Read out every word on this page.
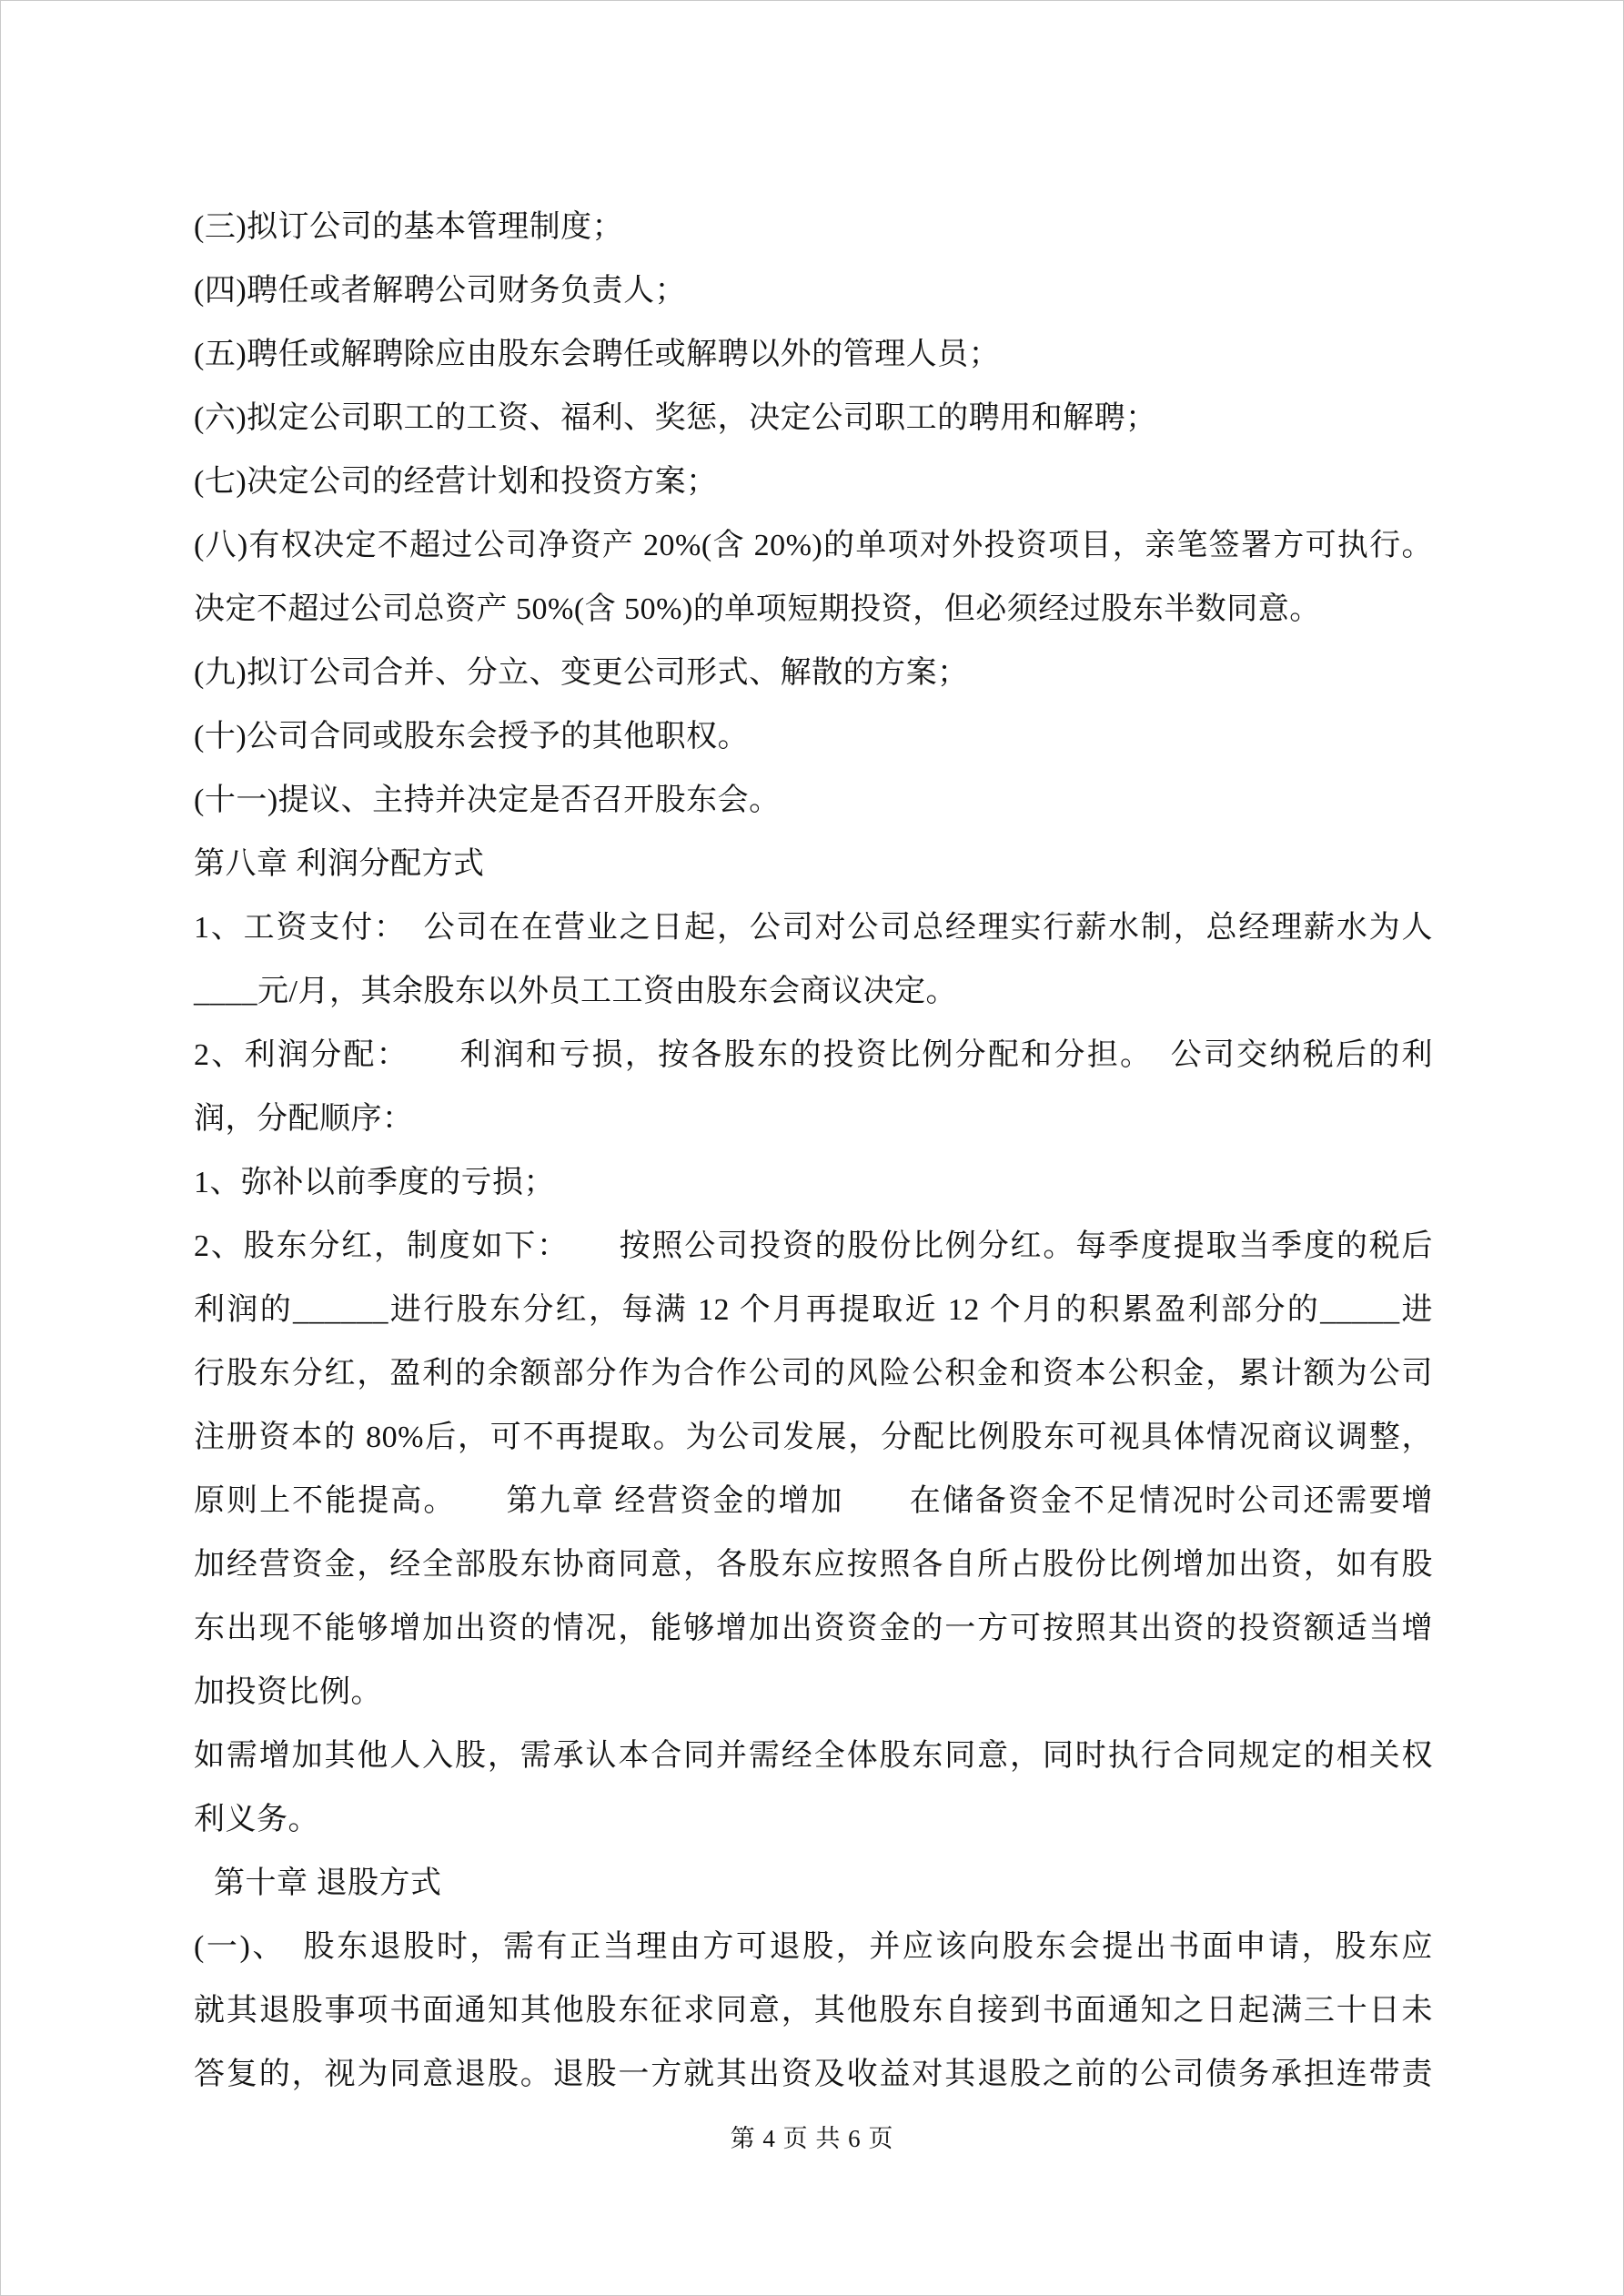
(三)拟订公司的基本管理制度；
(四)聘任或者解聘公司财务负责人；
(五)聘任或解聘除应由股东会聘任或解聘以外的管理人员；
(六)拟定公司职工的工资、福利、奖惩，决定公司职工的聘用和解聘；
(七)决定公司的经营计划和投资方案；
(八)有权决定不超过公司净资产 20%(含 20%)的单项对外投资项目，亲笔签署方可执行。
决定不超过公司总资产 50%(含 50%)的单项短期投资，但必须经过股东半数同意。
(九)拟订公司合并、分立、变更公司形式、解散的方案；
(十)公司合同或股东会授予的其他职权。
(十一)提议、主持并决定是否召开股东会。
第八章 利润分配方式
1、工资支付：　公司在在营业之日起，公司对公司总经理实行薪水制，总经理薪水为人
____元/月，其余股东以外员工工资由股东会商议决定。
2、利润分配：　　利润和亏损，按各股东的投资比例分配和分担。　公司交纳税后的利
润，分配顺序：
1、弥补以前季度的亏损；
2、股东分红，制度如下：　　按照公司投资的股份比例分红。每季度提取当季度的税后
利润的______进行股东分红，每满 12 个月再提取近 12 个月的积累盈利部分的_____进
行股东分红，盈利的余额部分作为合作公司的风险公积金和资本公积金，累计额为公司
注册资本的 80%后，可不再提取。为公司发展，分配比例股东可视具体情况商议调整，
原则上不能提高。　　第九章 经营资金的增加　　在储备资金不足情况时公司还需要增
加经营资金，经全部股东协商同意，各股东应按照各自所占股份比例增加出资，如有股
东出现不能够增加出资的情况，能够增加出资资金的一方可按照其出资的投资额适当增
加投资比例。
如需增加其他人入股，需承认本合同并需经全体股东同意，同时执行合同规定的相关权
利义务。
第十章 退股方式
(一)、　股东退股时，需有正当理由方可退股，并应该向股东会提出书面申请，股东应
就其退股事项书面通知其他股东征求同意，其他股东自接到书面通知之日起满三十日未
答复的，视为同意退股。退股一方就其出资及收益对其退股之前的公司债务承担连带责
第 4 页 共 6 页
